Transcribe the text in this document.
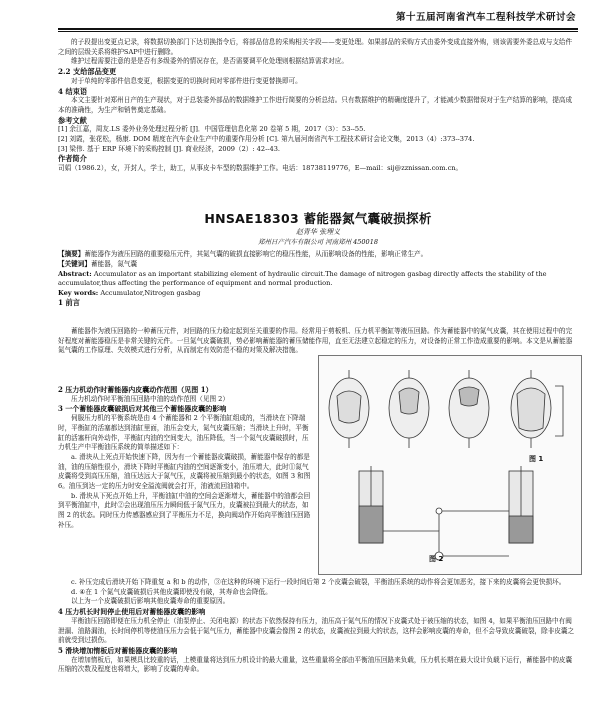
第十五届河南省汽车工程科技学术研讨会

的子段提出变更点记录，将数据切换部门下达切换指令后，将部品信息的采购相关字段——变更处理。如果部品的采购方式由委外变成直接外购，则该需要外委总成与支给件之间的层级关系将维护SAP中进行删除。

维护过程需要注意的是是否有多级委外的情况存在，是否需要调平化处理则根据结算需求对应。

2.2 支给部品变更

对于单纯的零部件信息变更，根据变更的切换时间对零部件进行变更替换即可。

4 结束语

本文主要针对郑州日产的生产现状，对于总装委外部品的数据维护工作进行简要的分析总结。只有数据维护的精确度提升了，才能减少数据错误对于生产结算的影响，提高成本的准确性，为生产和销售奠定基础。

参考文献

[1] 余江嘉，周友.LS 委外业务处理过程分析 [J]．中国管理信息化第 20 卷第 5 期，2017（3）：53--55.

[2] 刘霞，张花松，杨康. DOM 精度在汽车企业生产中的重要作用分析 [C]. 第九届河南省汽车工程技术研讨会论文集，2013（4）:373--374.

[3] 梁伟. 基于 ERP 环境下的采购控制 [J]. 商业经济，2009（2）: 42--43.

作者简介

司娟（1986.2），女，开封人，学士，助工，从事皮卡车型的数据维护工作。电话：18738119776，E—mail：sij@zznissan.com.cn。

HNSAE18303 蓄能器氮气囊破损探析
赵青华 张理义
郑州日产汽车有限公司 河南郑州 450018

【摘要】蓄能器作为液压回路的重要稳压元件，其氮气囊的破损直接影响它的稳压性能，从而影响设备的性能，影响正常生产。

【关键词】蓄能器，氮气囊

Abstract: Accumulator as an important stabilizing element of hydraulic circuit.The damage of nitrogen gasbag directly affects the stability of the accumulator,thus affecting the performance of equipment and normal production.

Key words: Accumulator,Nitrogen gasbag

1 前言

蓄能器作为液压回路的一种蓄压元件，对回路的压力稳定起到至关重要的作用。经常用于剪板机、压力机平衡缸等液压回路。作为蓄能器中的氮气皮囊，其在使用过程中的完好程度对蓄能器稳压是非常关键的元件。一旦氮气皮囊破损，势必影响蓄能器的蓄压储能作用，直至无法建立起稳定的压力，对设备的正常工作造成重要的影响。本文是从蓄能器氮气囊的工作原理、失效模式进行分析，从而制定有效防范不稳的对策及解决措施。

2 压力机动作时蓄能器内皮囊动作范围（见图 1）

压力机动作时平衡油压回路中油的动作范围（见图 2）

3 一个蓄能器皮囊破损后对其他三个蓄能器皮囊的影响

伺服压力机的平衡系统是由 4 个蓄能器和 2 个平衡油缸组成的，当滑块在下降端时，平衡缸的活塞都达到油缸里面，油压会变大，氮气皮囊压缩；当滑块上升时，平衡缸的活塞杆向外动作，平衡缸内油的空间变大，油压降低，当一个氮气皮囊破损时，压力机生产中平衡油压系统的简单描述如下：

a. 滑块从上死点开始快速下降，因为有一个蓄能器皮囊破损，蓄能器中保存的都是油，油的压缩性很小，滑块下降时平衡缸内油的空间逐渐变小，油压增大，此时①氮气皮囊将受到高压压缩，油压达远大于氮气压，皮囊将被压缩到最小的状态，如图 3 和图 6。油压到达一定的压力时安全溢流阀就会打开，油液流回油箱中。

b. 滑块从下死点开始上升，平衡油缸中油的空间会逐渐增大，蓄能器中的油都会回到平衡油缸中，此时②会出现油压压力瞬间低于氮气压力，皮囊被拉到最大的状态，如图 2 的状态。同时压力传感器感应到了平衡压力不足，换向阀动作开始向平衡油压回路补压。

图 1
图 2

c. 补压完成后滑块开始下降重复 a 和 b 的动作，③在这种的环境下运行一段时间后第 2 个皮囊会破裂，平衡油压系统的动作将会更加恶劣，接下来的皮囊将会更快损坏。

d. ④在 1 个氮气皮囊破损后其他皮囊即使没有破，其寿命也会降低。

以上为一个皮囊破损后影响其他皮囊寿命的重要原因。

4 压力机长时间停止使用后对蓄能器皮囊的影响

平衡油压回路即便在压力机全停止（油泵停止、关闭电源）的状态下依然保持有压力，油压高于氮气压的情况下皮囊式处于被压缩的状态，如图 4，如果平衡油压回路中有阀泄漏、油路漏油，长时间停机等使油压压力会低于氮气压力，蓄能器中皮囊会像图 2 的状态，皮囊被拉到最大的状态，这样会影响皮囊的寿命，但不会导致皮囊破裂，除非皮囊之前就受到过损伤。

5 滑块增加惰板后对蓄能器皮囊的影响

在增加惰板后，如果模具比较重的话，上模重量将达到压力机设计的最大重量，这些重量将全部由平衡油压回路来负载，压力机长期在最大设计负载下运行，蓄能器中的皮囊压缩的次数及程度也将增大，影响了皮囊的寿命。
